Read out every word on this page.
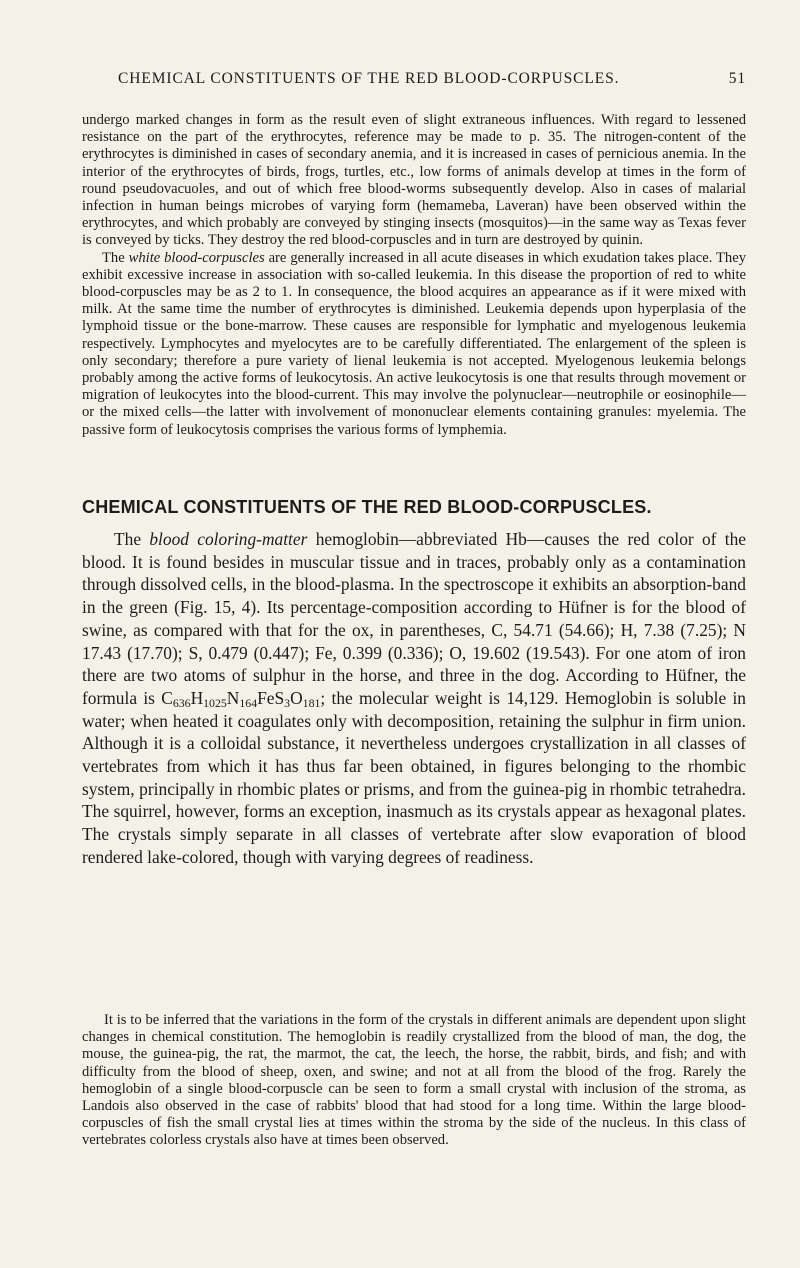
CHEMICAL CONSTITUENTS OF THE RED BLOOD-CORPUSCLES.	51

undergo marked changes in form as the result even of slight extraneous influences. With regard to lessened resistance on the part of the erythrocytes, reference may be made to p. 35. The nitrogen-content of the erythrocytes is diminished in cases of secondary anemia, and it is increased in cases of pernicious anemia. In the interior of the erythrocytes of birds, frogs, turtles, etc., low forms of animals develop at times in the form of round pseudovacuoles, and out of which free blood-worms subsequently develop. Also in cases of malarial infection in human beings microbes of varying form (hemameba, Laveran) have been observed within the erythrocytes, and which probably are conveyed by stinging insects (mosquitos)—in the same way as Texas fever is conveyed by ticks. They destroy the red blood-corpuscles and in turn are destroyed by quinin.

The white blood-corpuscles are generally increased in all acute diseases in which exudation takes place. They exhibit excessive increase in association with so-called leukemia. In this disease the proportion of red to white blood-corpuscles may be as 2 to 1. In consequence, the blood acquires an appearance as if it were mixed with milk. At the same time the number of erythrocytes is diminished. Leukemia depends upon hyperplasia of the lymphoid tissue or the bone-marrow. These causes are responsible for lymphatic and myelogenous leukemia respectively. Lymphocytes and myelocytes are to be carefully differentiated. The enlargement of the spleen is only secondary; therefore a pure variety of lienal leukemia is not accepted. Myelogenous leukemia belongs probably among the active forms of leukocytosis. An active leukocytosis is one that results through movement or migration of leukocytes into the blood-current. This may involve the polynuclear—neutrophile or eosinophile—or the mixed cells—the latter with involvement of mononuclear elements containing granules: myelemia. The passive form of leukocytosis comprises the various forms of lymphemia.

CHEMICAL CONSTITUENTS OF THE RED BLOOD-CORPUSCLES.

The blood coloring-matter hemoglobin—abbreviated Hb—causes the red color of the blood. It is found besides in muscular tissue and in traces, probably only as a contamination through dissolved cells, in the blood-plasma. In the spectroscope it exhibits an absorption-band in the green (Fig. 15, 4). Its percentage-composition according to Hüfner is for the blood of swine, as compared with that for the ox, in parentheses, C, 54.71 (54.66); H, 7.38 (7.25); N 17.43 (17.70); S, 0.479 (0.447); Fe, 0.399 (0.336); O, 19.602 (19.543). For one atom of iron there are two atoms of sulphur in the horse, and three in the dog. According to Hüfner, the formula is $C_{636}H_{1025}N_{164}FeS_3O_{181}$; the molecular weight is 14,129. Hemoglobin is soluble in water; when heated it coagulates only with decomposition, retaining the sulphur in firm union. Although it is a colloidal substance, it nevertheless undergoes crystallization in all classes of vertebrates from which it has thus far been obtained, in figures belonging to the rhombic system, principally in rhombic plates or prisms, and from the guinea-pig in rhombic tetrahedra. The squirrel, however, forms an exception, inasmuch as its crystals appear as hexagonal plates. The crystals simply separate in all classes of vertebrate after slow evaporation of blood rendered lake-colored, though with varying degrees of readiness.

It is to be inferred that the variations in the form of the crystals in different animals are dependent upon slight changes in chemical constitution. The hemoglobin is readily crystallized from the blood of man, the dog, the mouse, the guinea-pig, the rat, the marmot, the cat, the leech, the horse, the rabbit, birds, and fish; and with difficulty from the blood of sheep, oxen, and swine; and not at all from the blood of the frog. Rarely the hemoglobin of a single blood-corpuscle can be seen to form a small crystal with inclusion of the stroma, as Landois also observed in the case of rabbits' blood that had stood for a long time. Within the large blood-corpuscles of fish the small crystal lies at times within the stroma by the side of the nucleus. In this class of vertebrates colorless crystals also have at times been observed.
